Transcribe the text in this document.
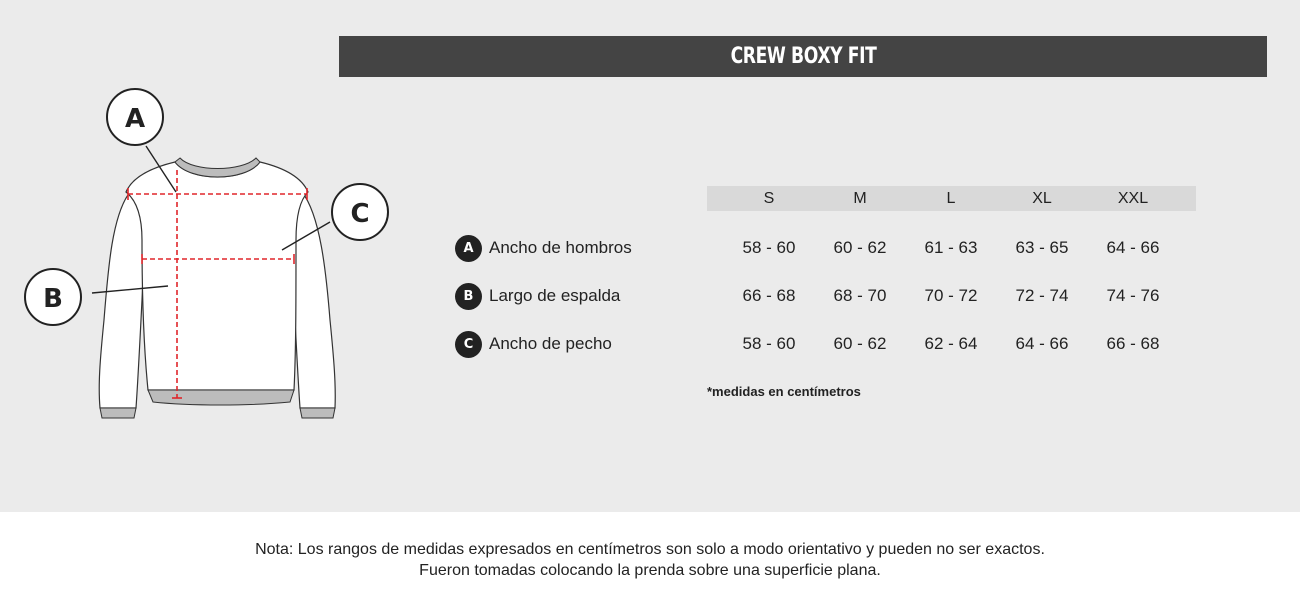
CREW BOXY FIT
A
B
C
S	M	L	XL	XXL
A Ancho de hombros	58 - 60	60 - 62	61 - 63	63 - 65	64 - 66
B Largo de espalda	66 - 68	68 - 70	70 - 72	72 - 74	74 - 76
C Ancho de pecho	58 - 60	60 - 62	62 - 64	64 - 66	66 - 68
*medidas en centímetros
Nota: Los rangos de medidas expresados en centímetros son solo a modo orientativo y pueden no ser exactos.
Fueron tomadas colocando la prenda sobre una superficie plana.
